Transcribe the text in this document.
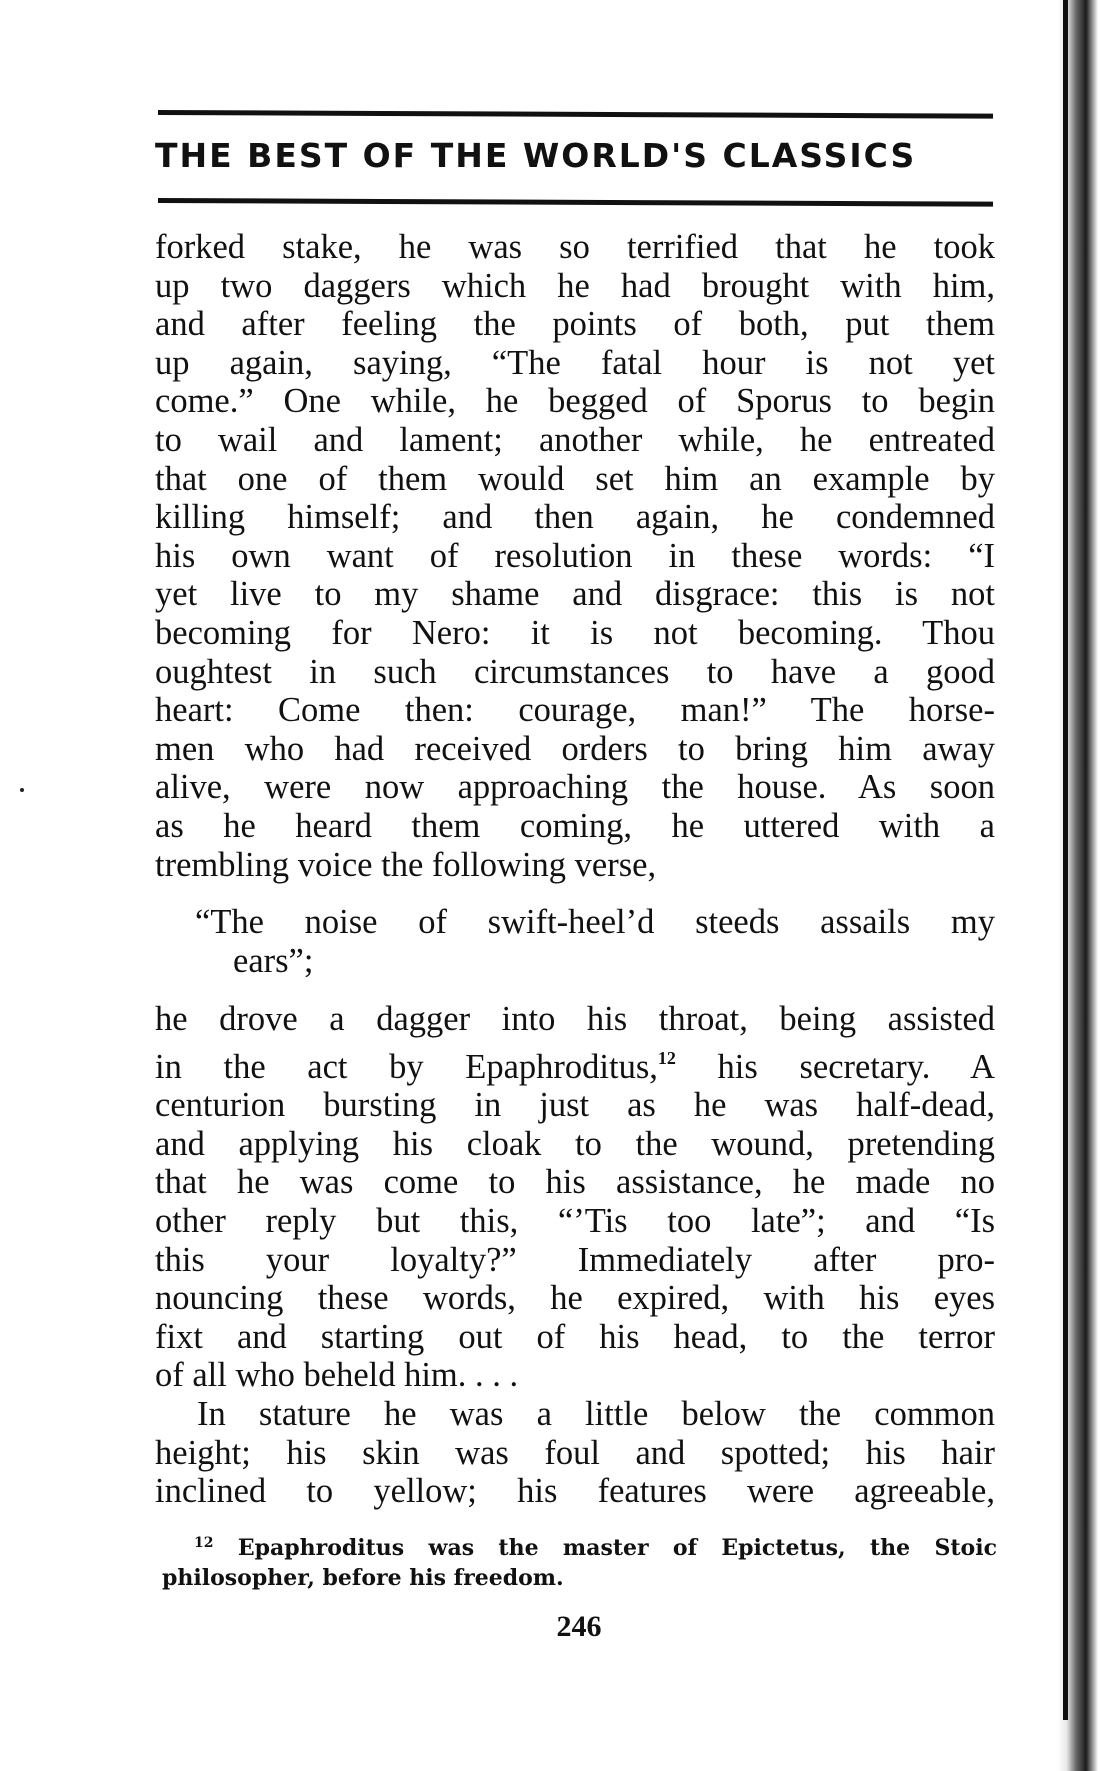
THE BEST OF THE WORLD'S CLASSICS
forked stake, he was so terrified that he took
up two daggers which he had brought with him,
and after feeling the points of both, put them
up again, saying, “The fatal hour is not yet
come.” One while, he begged of Sporus to begin
to wail and lament; another while, he entreated
that one of them would set him an example by
killing himself; and then again, he condemned
his own want of resolution in these words: “I
yet live to my shame and disgrace: this is not
becoming for Nero: it is not becoming. Thou
oughtest in such circumstances to have a good
heart: Come then: courage, man!” The horse-
men who had received orders to bring him away
alive, were now approaching the house. As soon
as he heard them coming, he uttered with a
trembling voice the following verse,
“The noise of swift-heel’d steeds assails my
ears”;
he drove a dagger into his throat, being assisted
in the act by Epaphroditus,$^{12}$ his secretary. A
centurion bursting in just as he was half-dead,
and applying his cloak to the wound, pretending
that he was come to his assistance, he made no
other reply but this, “’Tis too late”; and “Is
this your loyalty?” Immediately after pro-
nouncing these words, he expired, with his eyes
fixt and starting out of his head, to the terror
of all who beheld him. . . .
In stature he was a little below the common
height; his skin was foul and spotted; his hair
inclined to yellow; his features were agreeable,
$^{12}$ Epaphroditus was the master of Epictetus, the Stoic
philosopher, before his freedom.
246
